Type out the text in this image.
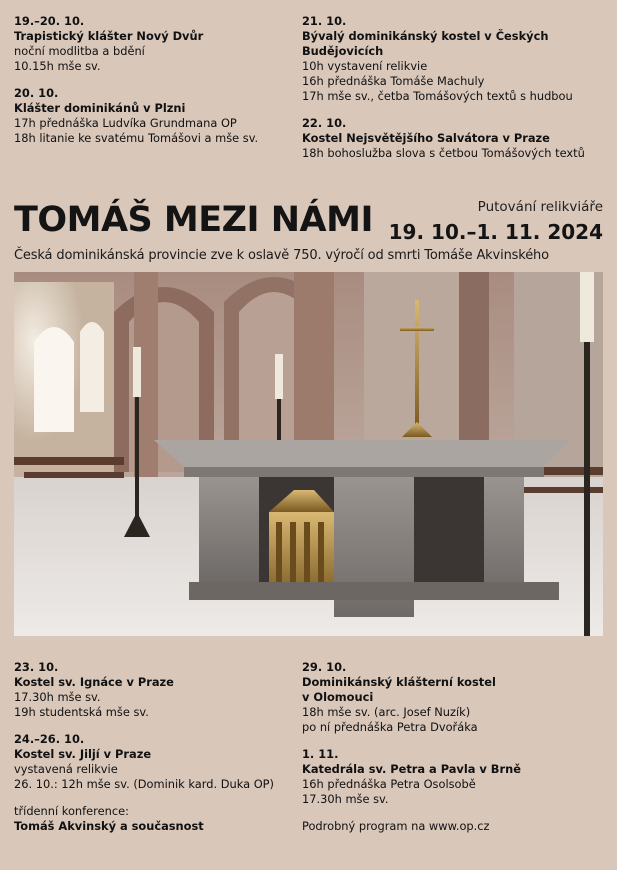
19.–20. 10.
Trapistický klášter Nový Dvůr
noční modlitba a bdění
10.15h mše sv.
20. 10.
Klášter dominikánů v Plzni
17h přednáška Ludvíka Grundmana OP
18h litanie ke svatému Tomášovi a mše sv.
21. 10.
Bývalý dominikánský kostel v Českých
Budějovicích
10h vystavení relikvie
16h přednáška Tomáše Machuly
17h mše sv., četba Tomášových textů s hudbou
22. 10.
Kostel Nejsvětějšího Salvátora v Praze
18h bohoslužba slova s četbou Tomášových textů
TOMÁŠ MEZI NÁMI	Putování relikviáře
19. 10.–1. 11. 2024
Česká dominikánská provincie zve k oslavě 750. výročí od smrti Tomáše Akvinského
23. 10.
Kostel sv. Ignáce v Praze
17.30h mše sv.
19h studentská mše sv.
24.–26. 10.
Kostel sv. Jiljí v Praze
vystavená relikvie
26. 10.: 12h mše sv. (Dominik kard. Duka OP)
třídenní konference:
Tomáš Akvinský a současnost
29. 10.
Dominikánský klášterní kostel
v Olomouci
18h mše sv. (arc. Josef Nuzík)
po ní přednáška Petra Dvořáka
1. 11.
Katedrála sv. Petra a Pavla v Brně
16h přednáška Petra Osolsobě
17.30h mše sv.
Podrobný program na www.op.cz
